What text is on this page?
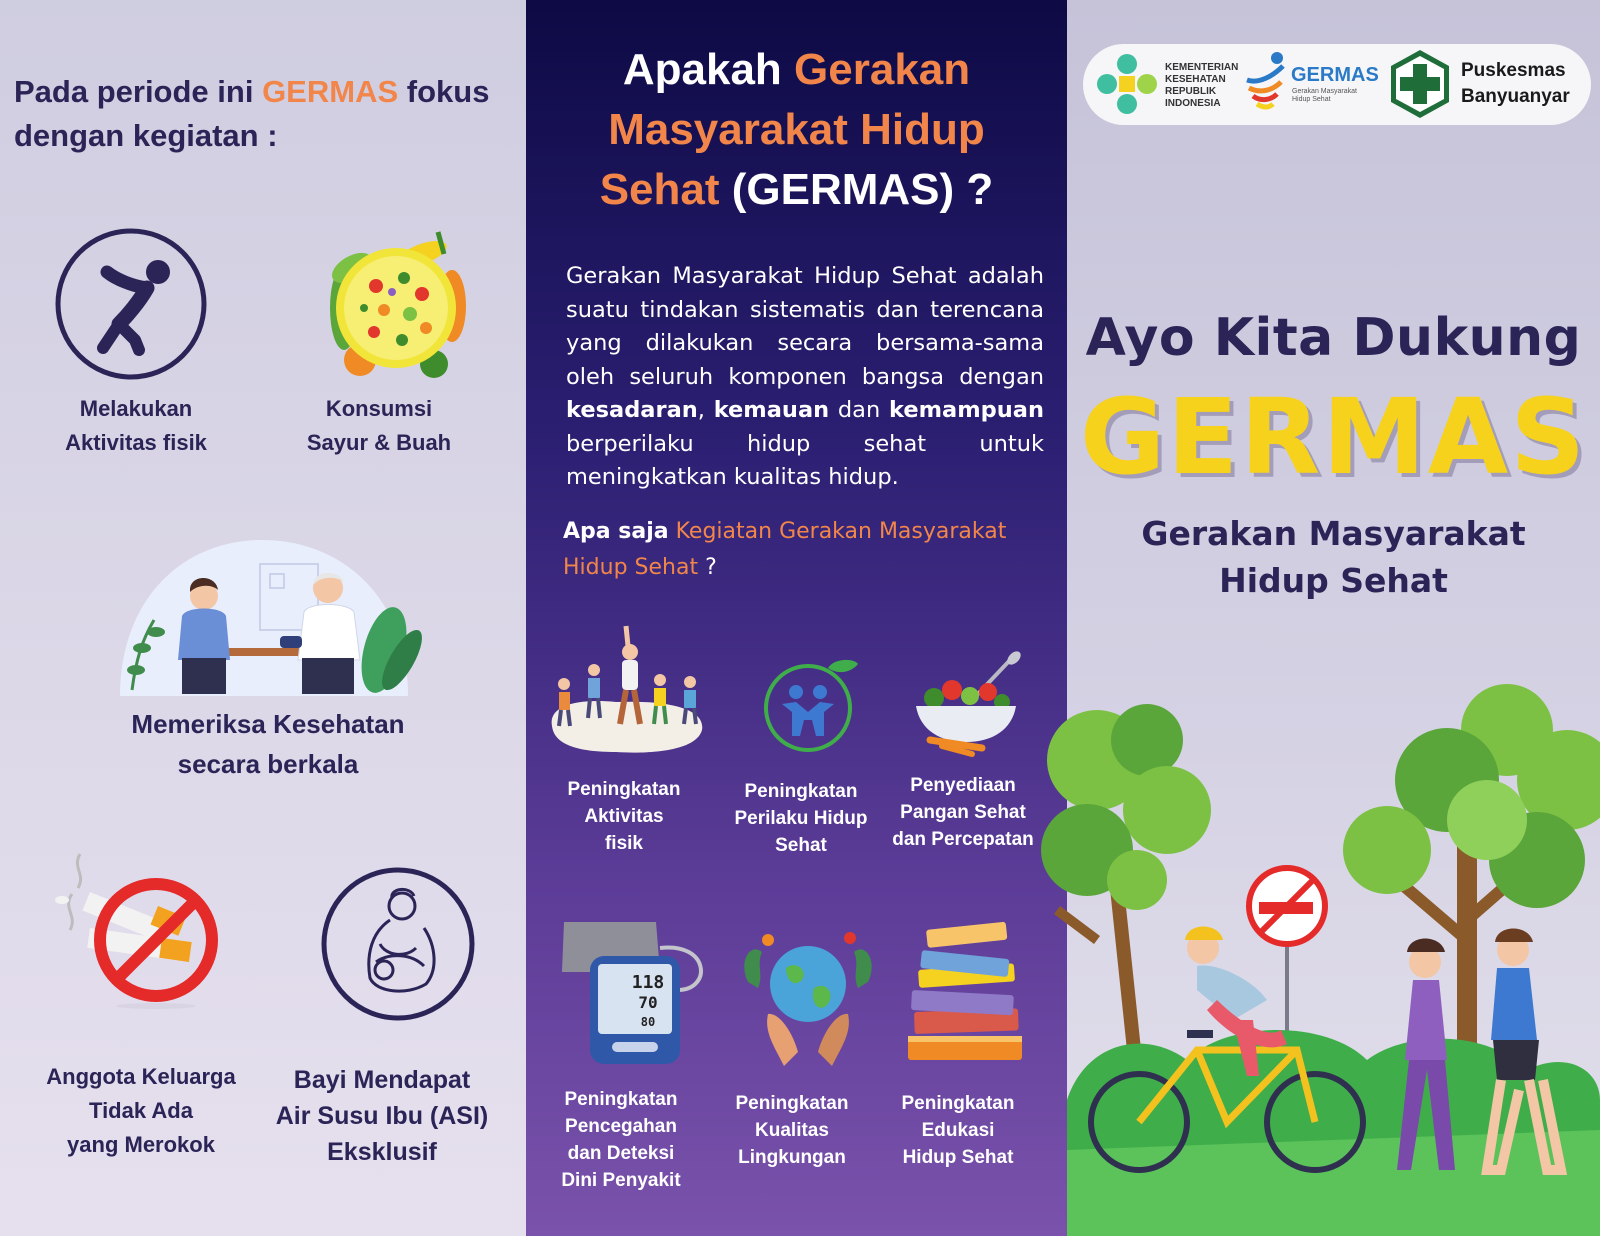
Pada periode ini GERMAS fokus dengan kegiatan :

Melakukan
Aktivitas fisik
Konsumsi
Sayur & Buah
Memeriksa Kesehatan
secara berkala
Anggota Keluarga
Tidak Ada
yang Merokok
Bayi Mendapat
Air Susu Ibu (ASI)
Eksklusif

Apakah Gerakan
Masyarakat Hidup
Sehat (GERMAS) ?

Gerakan Masyarakat Hidup Sehat adalah suatu tindakan sistematis dan terencana yang dilakukan secara bersama-sama oleh seluruh komponen bangsa dengan kesadaran, kemauan dan kemampuan berperilaku hidup sehat untuk meningkatkan kualitas hidup.

Apa saja Kegiatan Gerakan Masyarakat Hidup Sehat ?

Peningkatan
Aktivitas
fisik
Peningkatan
Perilaku Hidup
Sehat
Penyediaan
Pangan Sehat
dan Percepatan
118
70
80
Peningkatan
Pencegahan
dan Deteksi
Dini Penyakit
Peningkatan
Kualitas
Lingkungan
Peningkatan
Edukasi
Hidup Sehat
KEMENTERIAN
KESEHATAN
REPUBLIK
INDONESIA
GERMAS
Gerakan Masyarakat
Hidup Sehat
Puskesmas
Banyuanyar
Ayo Kita Dukung
GERMAS
Gerakan Masyarakat
Hidup Sehat
